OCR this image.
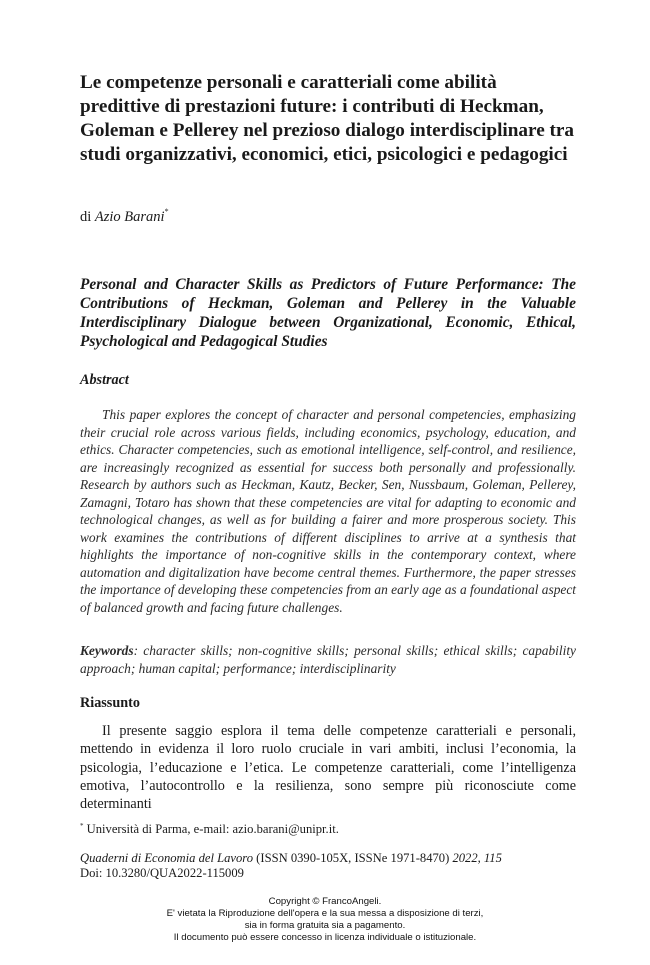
Le competenze personali e caratteriali come abilità predittive di prestazioni future: i contributi di Heckman, Goleman e Pellerey nel prezioso dialogo interdisciplinare tra studi organizzativi, economici, etici, psicologici e pedagogici
di Azio Barani*
Personal and Character Skills as Predictors of Future Performance: The Contributions of Heckman, Goleman and Pellerey in the Valuable Interdisciplinary Dialogue between Organizational, Economic, Ethical, Psychological and Pedagogical Studies
Abstract

This paper explores the concept of character and personal competencies, emphasizing their crucial role across various fields, including economics, psychology, education, and ethics. Character competencies, such as emotional intelligence, self-control, and resilience, are increasingly recognized as essential for success both personally and professionally. Research by authors such as Heckman, Kautz, Becker, Sen, Nussbaum, Goleman, Pellerey, Zamagni, Totaro has shown that these competencies are vital for adapting to economic and technological changes, as well as for building a fairer and more prosperous society. This work examines the contributions of different disciplines to arrive at a synthesis that highlights the importance of non-cognitive skills in the contemporary context, where automation and digitalization have become central themes. Furthermore, the paper stresses the importance of developing these competencies from an early age as a foundational aspect of balanced growth and facing future challenges.

Keywords: character skills; non-cognitive skills; personal skills; ethical skills; capability approach; human capital; performance; interdisciplinarity

Riassunto

Il presente saggio esplora il tema delle competenze caratteriali e personali, mettendo in evidenza il loro ruolo cruciale in vari ambiti, inclusi l’economia, la psicologia, l’educazione e l’etica. Le competenze caratteriali, come l’intelligenza emotiva, l’autocontrollo e la resilienza, sono sempre più riconosciute come determinanti

* Università di Parma, e-mail: azio.barani@unipr.it.
Quaderni di Economia del Lavoro (ISSN 0390-105X, ISSNe 1971-8470) 2022, 115
Doi: 10.3280/QUA2022-115009
Copyright © FrancoAngeli.
E' vietata la Riproduzione dell'opera e la sua messa a disposizione di terzi,
sia in forma gratuita sia a pagamento.
Il documento può essere concesso in licenza individuale o istituzionale.
